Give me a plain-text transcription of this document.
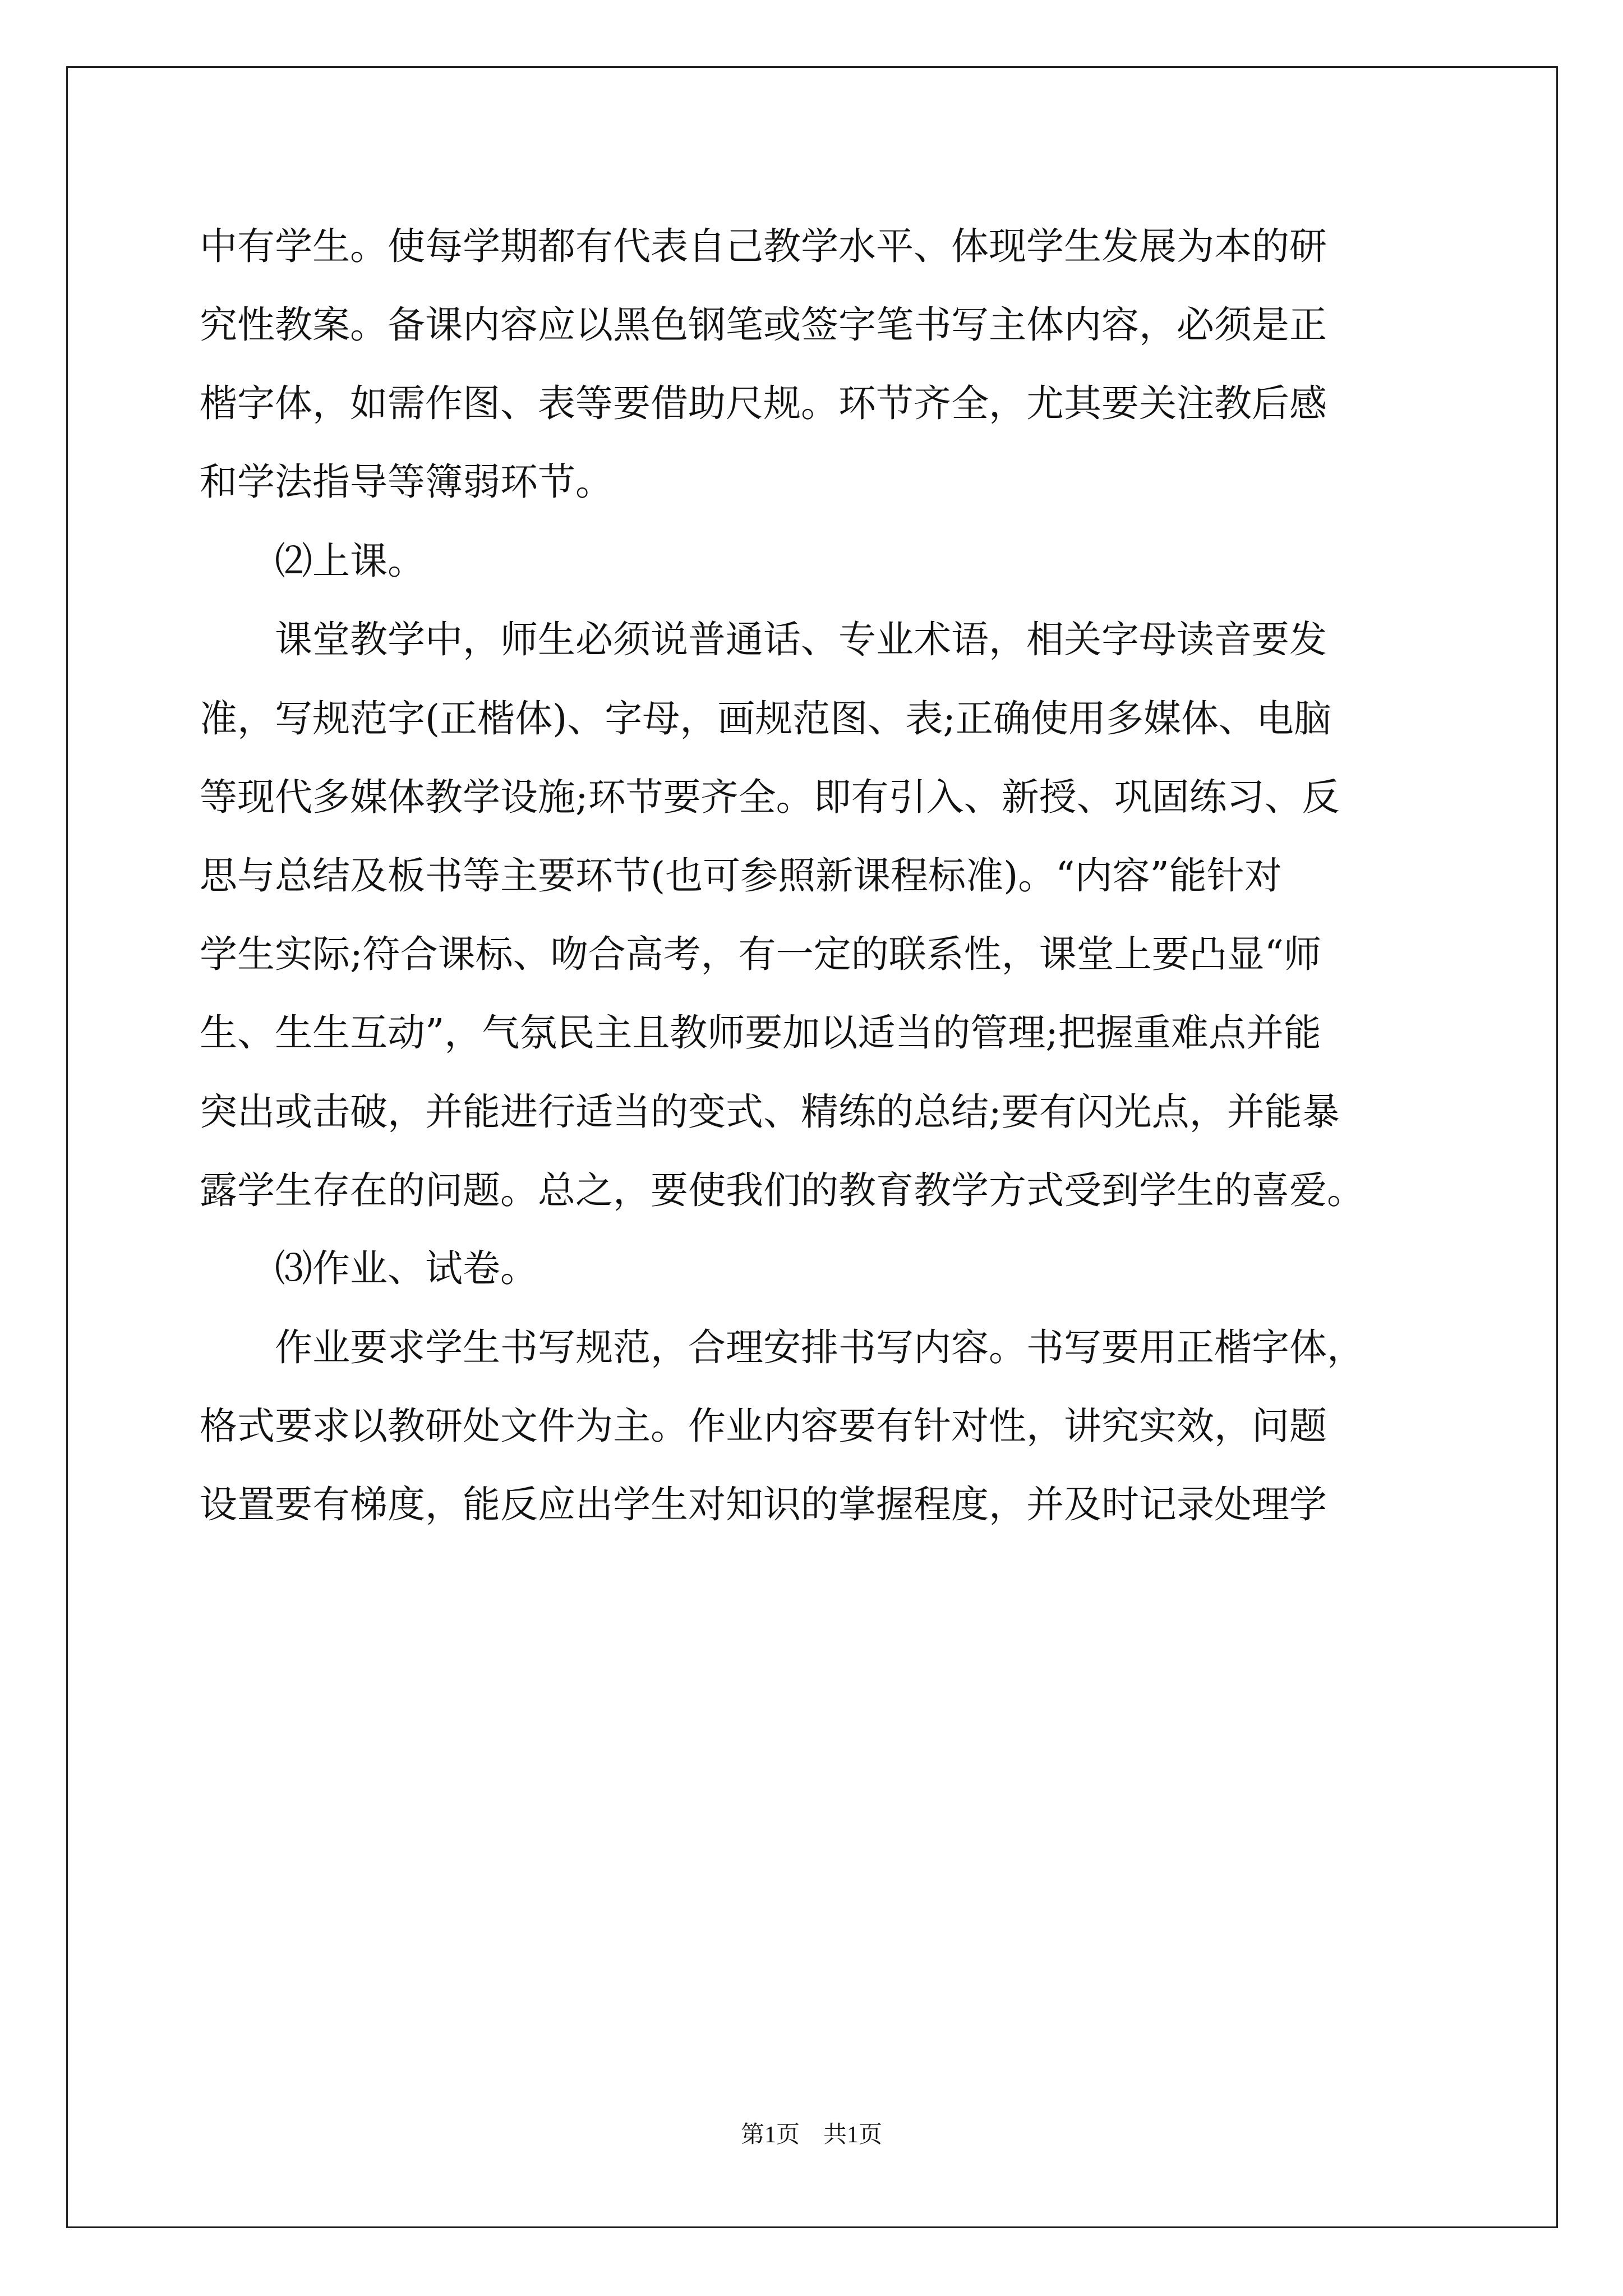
中有学生。使每学期都有代表自己教学水平、体现学生发展为本的研
究性教案。备课内容应以黑色钢笔或签字笔书写主体内容，必须是正
楷字体，如需作图、表等要借助尺规。环节齐全，尤其要关注教后感
和学法指导等簿弱环节。
⑵上课。
课堂教学中，师生必须说普通话、专业术语，相关字母读音要发
准，写规范字(正楷体)、字母，画规范图、表;正确使用多媒体、电脑
等现代多媒体教学设施;环节要齐全。即有引入、新授、巩固练习、反
思与总结及板书等主要环节(也可参照新课程标准)。“内容”能针对
学生实际;符合课标、吻合高考，有一定的联系性，课堂上要凸显“师
生、生生互动”，气氛民主且教师要加以适当的管理;把握重难点并能
突出或击破，并能进行适当的变式、精练的总结;要有闪光点，并能暴
露学生存在的问题。总之，要使我们的教育教学方式受到学生的喜爱。
⑶作业、试卷。
作业要求学生书写规范，合理安排书写内容。书写要用正楷字体，
格式要求以教研处文件为主。作业内容要有针对性，讲究实效，问题
设置要有梯度，能反应出学生对知识的掌握程度，并及时记录处理学
第1页 共1页
